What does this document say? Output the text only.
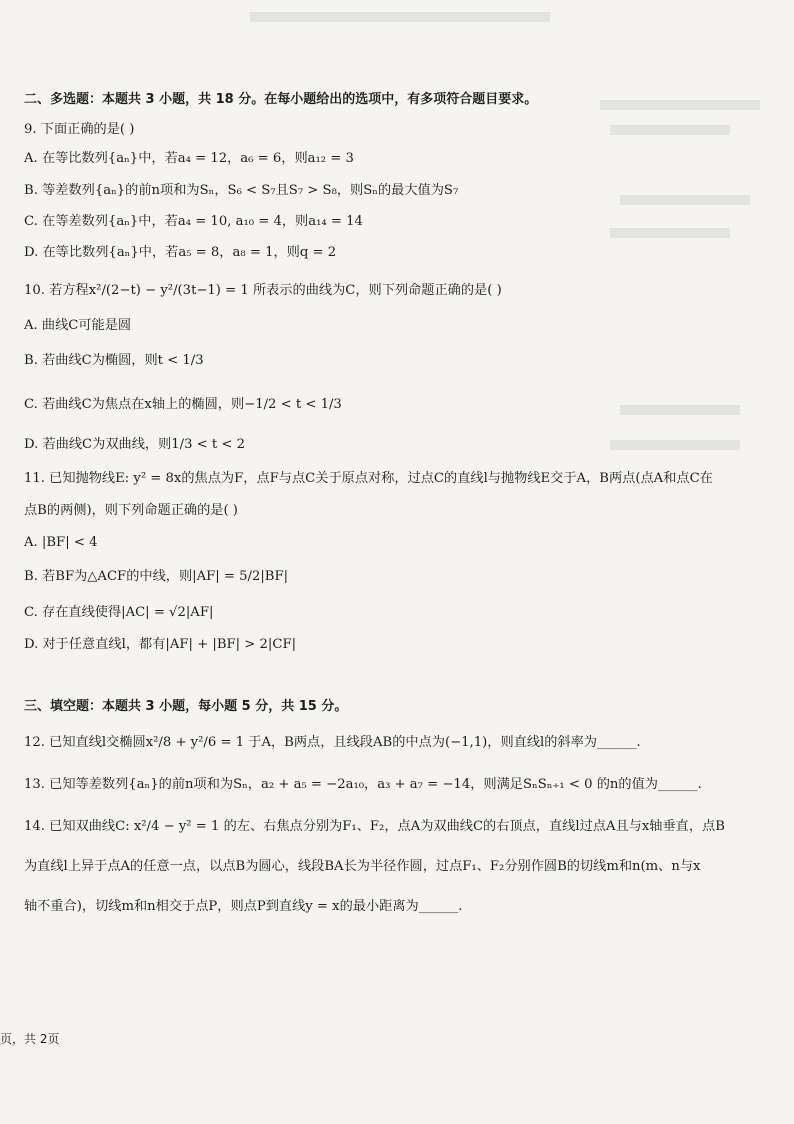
二、多选题：本题共 3 小题，共 18 分。在每小题给出的选项中，有多项符合题目要求。
9. 下面正确的是( )
A. 在等比数列{aₙ}中，若a₄ = 12，a₆ = 6，则a₁₂ = 3
B. 等差数列{aₙ}的前n项和为Sₙ，S₆ < S₇且S₇ > S₈，则Sₙ的最大值为S₇
C. 在等差数列{aₙ}中，若a₄ = 10, a₁₀ = 4，则a₁₄ = 14
D. 在等比数列{aₙ}中，若a₅ = 8，a₈ = 1，则q = 2
10. 若方程x²/(2−t) − y²/(3t−1) = 1 所表示的曲线为C，则下列命题正确的是( )
A. 曲线C可能是圆
B. 若曲线C为椭圆，则t < 1/3
C. 若曲线C为焦点在x轴上的椭圆，则−1/2 < t < 1/3
D. 若曲线C为双曲线，则1/3 < t < 2
11. 已知抛物线E: y² = 8x的焦点为F，点F与点C关于原点对称，过点C的直线l与抛物线E交于A，B两点(点A和点C在
点B的两侧)，则下列命题正确的是( )
A. |BF| < 4
B. 若BF为△ACF的中线，则|AF| = 5/2|BF|
C. 存在直线使得|AC| = √2|AF|
D. 对于任意直线l，都有|AF| + |BF| > 2|CF|
三、填空题：本题共 3 小题，每小题 5 分，共 15 分。
12. 已知直线l交椭圆x²/8 + y²/6 = 1 于A，B两点，且线段AB的中点为(−1,1)，则直线l的斜率为______.
13. 已知等差数列{aₙ}的前n项和为Sₙ，a₂ + a₅ = −2a₁₀，a₃ + a₇ = −14，则满足SₙSₙ₊₁ < 0 的n的值为______.
14. 已知双曲线C: x²/4 − y² = 1 的左、右焦点分别为F₁、F₂，点A为双曲线C的右顶点，直线l过点A且与x轴垂直，点B
为直线l上异于点A的任意一点，以点B为圆心，线段BA长为半径作圆，过点F₁、F₂分别作圆B的切线m和n(m、n与x
轴不重合)，切线m和n相交于点P，则点P到直线y = x的最小距离为______.
页，共 2页
